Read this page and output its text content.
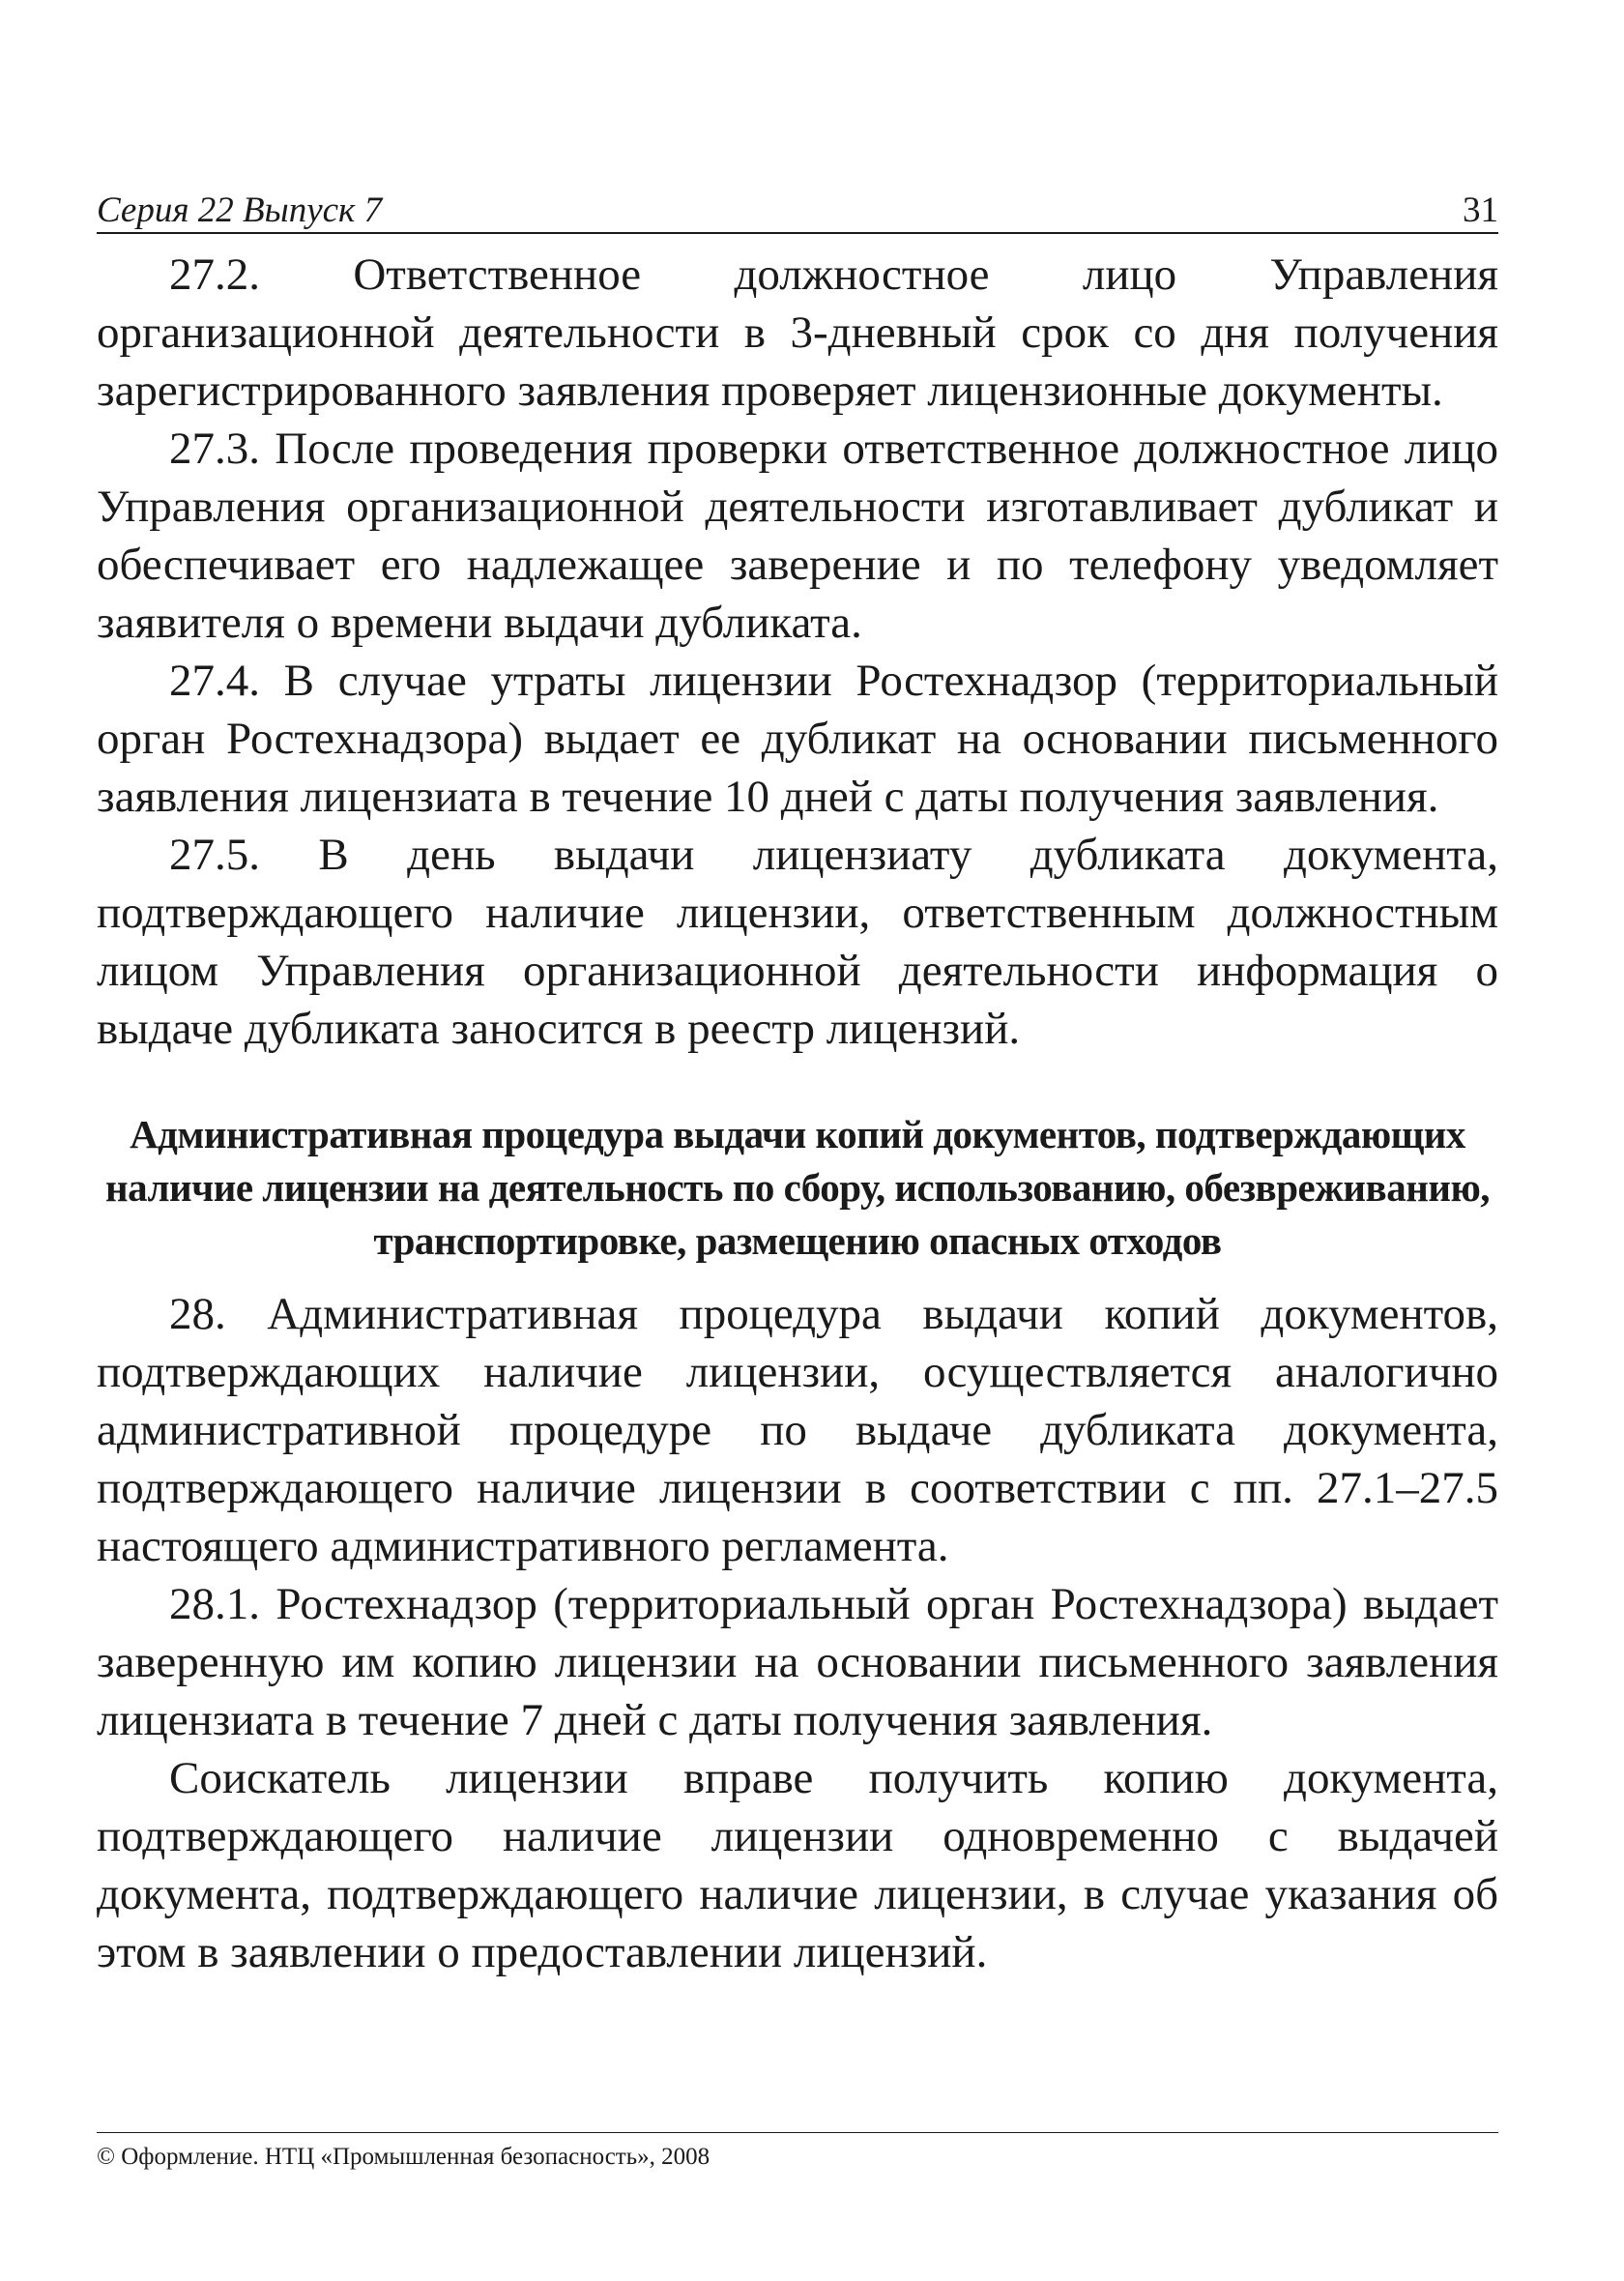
Серия 22 Выпуск 7	31

27.2. Ответственное должностное лицо Управления организационной деятельности в 3-дневный срок со дня получения зарегистрированного заявления проверяет лицензионные документы.

27.3. После проведения проверки ответственное должностное лицо Управления организационной деятельности изготавливает дубликат и обеспечивает его надлежащее заверение и по телефону уведомляет заявителя о времени выдачи дубликата.

27.4. В случае утраты лицензии Ростехнадзор (территориальный орган Ростехнадзора) выдает ее дубликат на основании письменного заявления лицензиата в течение 10 дней с даты получения заявления.

27.5. В день выдачи лицензиату дубликата документа, подтверждающего наличие лицензии, ответственным должностным лицом Управления организационной деятельности информация о выдаче дубликата заносится в реестр лицензий.

Административная процедура выдачи копий документов, подтверждающих наличие лицензии на деятельность по сбору, использованию, обезвреживанию, транспортировке, размещению опасных отходов

28. Административная процедура выдачи копий документов, подтверждающих наличие лицензии, осуществляется аналогично административной процедуре по выдаче дубликата документа, подтверждающего наличие лицензии в соответствии с пп. 27.1–27.5 настоящего административного регламента.

28.1. Ростехнадзор (территориальный орган Ростехнадзора) выдает заверенную им копию лицензии на основании письменного заявления лицензиата в течение 7 дней с даты получения заявления.

Соискатель лицензии вправе получить копию документа, подтверждающего наличие лицензии одновременно с выдачей документа, подтверждающего наличие лицензии, в случае указания об этом в заявлении о предоставлении лицензий.

© Оформление. НТЦ «Промышленная безопасность», 2008
